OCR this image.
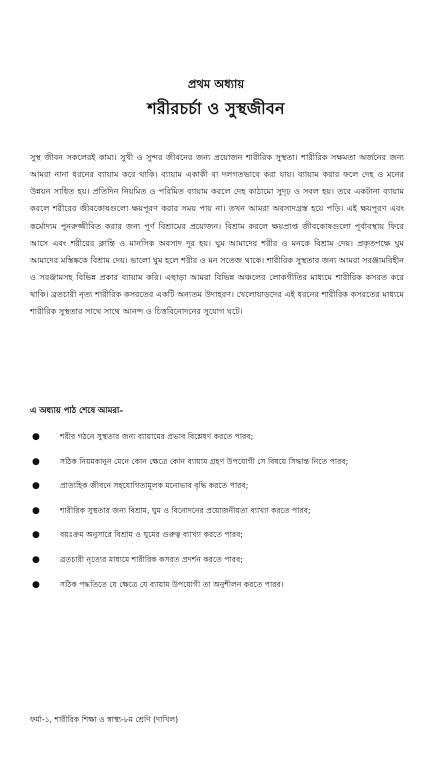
প্রথম অধ্যায়
শরীরচর্চা ও সুস্থজীবন
সুস্থ জীবন সকলেরই কাম্য। সুখী ও সুন্দর জীবনের জন্য প্রয়োজন শারীরিক সুস্থতা। শারীরিক সক্ষমতা অর্জনের জন্য আমরা নানা ধরনের ব্যায়াম করে থাকি। ব্যায়াম একাকী বা দলগতভাবে করা যায়। ব্যায়াম করার ফলে দেহ ও মনের উন্নয়ন সাধিত হয়। প্রতিদিন নিয়মিত ও পরিমিত ব্যায়াম করলে দেহ কাঠামো সুদৃঢ় ও সবল হয়। তবে একটানা ব্যায়াম করলে শরীরের জীবকোষগুলো ক্ষয়পূরণ করার সময় পায় না। তখন আমরা অবসাদগ্রস্ত হয়ে পড়ি। এই ক্ষয়পূরণ এবং কর্মোদ্যম পুনরুজ্জীবিত করার জন্য পূর্ণ বিশ্রামের প্রয়োজন। বিশ্রাম করলে ক্ষয়প্রাপ্ত জীবকোষগুলো পূর্বাবস্থায় ফিরে আসে এবং শরীরের ক্লান্তি ও মানসিক অবসাদ দূর হয়। ঘুম আমাদের শরীর ও মনকে বিশ্রাম দেয়। প্রকৃতপক্ষে ঘুম আমাদের মস্তিষ্ককে বিশ্রাম দেয়। ভালো ঘুম হলে শরীর ও মন সতেজ থাকে। শারীরিক সুস্থতার জন্য আমরা সরঞ্জামবিহীন ও সরঞ্জামসহ বিভিন্ন প্রকার ব্যায়াম করি। এছাড়া আমরা বিভিন্ন অঞ্চলের লোকগীতির মাধ্যমে শারীরিক কসরত করে থাকি। ব্রতচারী নৃত্য শারীরিক কসরতের একটি অন্যতম উদাহরণ। খেলোয়াড়দের এই ধরনের শারীরিক কসরতের মাধ্যমে শারীরিক সুস্থতার সাথে সাথে আনন্দ ও চিত্তবিনোদনের সুযোগ ঘটে।
এ অধ্যায় পাঠ শেষে আমরা–
●	শরীর গঠনে সুস্থতার জন্য ব্যায়ামের প্রভাব বিশ্লেষণ করতে পারব;
●	সঠিক নিয়মকানুন মেনে কোন ক্ষেত্রে কোন ব্যায়াম গ্রহণ উপযোগী সে বিষয়ে সিদ্ধান্ত নিতে পারব;
●	প্রাত্যহিক জীবনে সহযোগিতামূলক মনোভাব বৃদ্ধি করতে পারব;
●	শারীরিক সুস্থতার জন্য বিশ্রাম, ঘুম ও বিনোদনের প্রয়োজনীয়তা ব্যাখ্যা করতে পারব;
●	বয়ঃক্রম অনুসারে বিশ্রাম ও ঘুমের গুরুত্ব ব্যাখ্যা করতে পারব;
●	ব্রতচারী নৃত্যের মাধ্যমে শারীরিক কসরত প্রদর্শন করতে পারব;
●	সঠিক পদ্ধতিতে যে ক্ষেত্রে যে ব্যায়াম উপযোগী তা অনুশীলন করতে পারব।
ফর্মা-১, শারীরিক শিক্ষা ও স্বাস্থ্য-৮ম শ্রেণি (দাখিল)
